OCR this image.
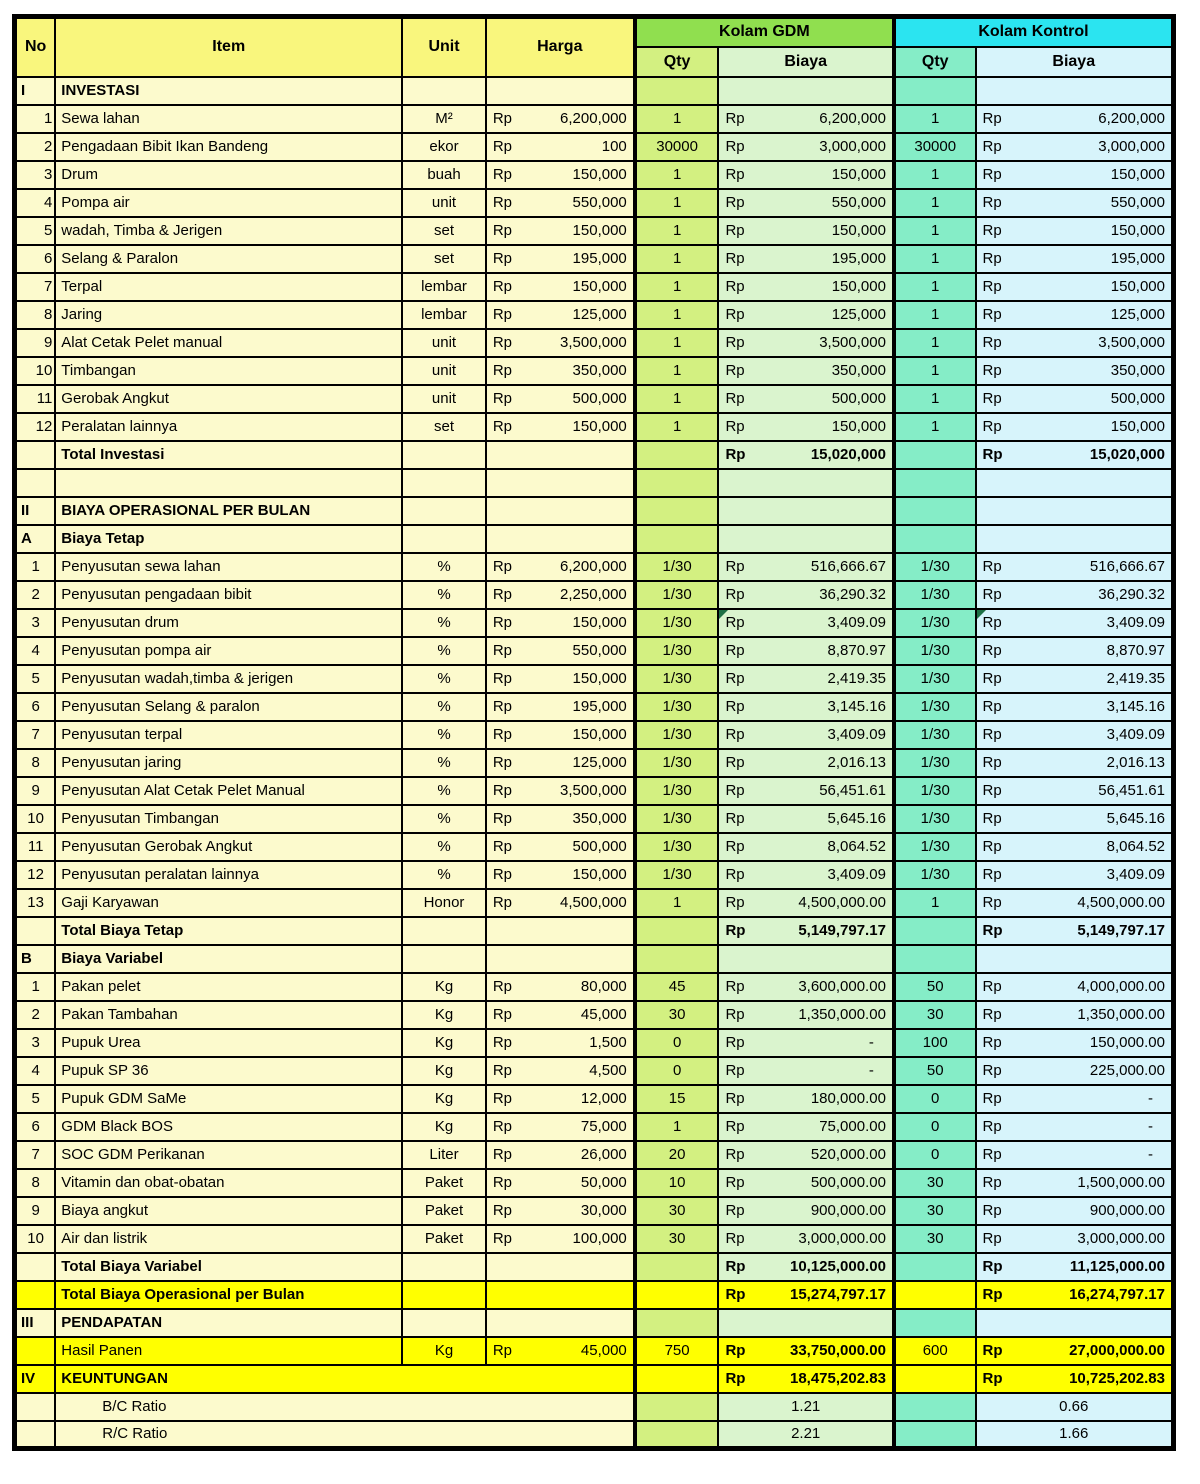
No	Item	Unit	Harga	Kolam GDM		Kolam Kontrol	
				Qty	Biaya	Qty	Biaya
I	INVESTASI						
1	Sewa lahan	M²	Rp 6,200,000	1	Rp 6,200,000	1	Rp 6,200,000

2	Pengadaan Bibit Ikan Bandeng	ekor	Rp 100	30000	Rp 3,000,000	30000	Rp 3,000,000

3	Drum	buah	Rp 150,000	1	Rp 150,000	1	Rp 150,000

4	Pompa air	unit	Rp 550,000	1	Rp 550,000	1	Rp 550,000

5	wadah, Timba & Jerigen	set	Rp 150,000	1	Rp 150,000	1	Rp 150,000

6	Selang & Paralon	set	Rp 195,000	1	Rp 195,000	1	Rp 195,000

7	Terpal	lembar	Rp 150,000	1	Rp 150,000	1	Rp 150,000

8	Jaring	lembar	Rp 125,000	1	Rp 125,000	1	Rp 125,000

9	Alat Cetak Pelet manual	unit	Rp 3,500,000	1	Rp 3,500,000	1	Rp 3,500,000

10	Timbangan	unit	Rp 350,000	1	Rp 350,000	1	Rp 350,000

11	Gerobak Angkut	unit	Rp 500,000	1	Rp 500,000	1	Rp 500,000

12	Peralatan lainnya	set	Rp 150,000	1	Rp 150,000	1	Rp 150,000

	Total Investasi				Rp 15,020,000		Rp 15,020,000

II	BIAYA OPERASIONAL PER BULAN						
A	Biaya Tetap						
1	Penyusutan sewa lahan	%	Rp 6,200,000	1/30	Rp 516,666.67	1/30	Rp 516,666.67

2	Penyusutan pengadaan bibit	%	Rp 2,250,000	1/30	Rp 36,290.32	1/30	Rp 36,290.32

3	Penyusutan drum	%	Rp 150,000	1/30	Rp 3,409.09	1/30	Rp 3,409.09

4	Penyusutan pompa air	%	Rp 550,000	1/30	Rp 8,870.97	1/30	Rp 8,870.97

5	Penyusutan wadah,timba & jerigen	%	Rp 150,000	1/30	Rp 2,419.35	1/30	Rp 2,419.35

6	Penyusutan Selang & paralon	%	Rp 195,000	1/30	Rp 3,145.16	1/30	Rp 3,145.16

7	Penyusutan terpal	%	Rp 150,000	1/30	Rp 3,409.09	1/30	Rp 3,409.09

8	Penyusutan jaring	%	Rp 125,000	1/30	Rp 2,016.13	1/30	Rp 2,016.13

9	Penyusutan Alat Cetak Pelet Manual	%	Rp 3,500,000	1/30	Rp 56,451.61	1/30	Rp 56,451.61

10	Penyusutan Timbangan	%	Rp 350,000	1/30	Rp 5,645.16	1/30	Rp 5,645.16

11	Penyusutan Gerobak Angkut	%	Rp 500,000	1/30	Rp 8,064.52	1/30	Rp 8,064.52

12	Penyusutan peralatan lainnya	%	Rp 150,000	1/30	Rp 3,409.09	1/30	Rp 3,409.09

13	Gaji Karyawan	Honor	Rp 4,500,000	1	Rp 4,500,000.00	1	Rp 4,500,000.00

	Total Biaya Tetap				Rp 5,149,797.17		Rp 5,149,797.17

B	Biaya Variabel						
1	Pakan pelet	Kg	Rp 80,000	45	Rp 3,600,000.00	50	Rp 4,000,000.00

2	Pakan Tambahan	Kg	Rp 45,000	30	Rp 1,350,000.00	30	Rp 1,350,000.00

3	Pupuk Urea	Kg	Rp 1,500	0	Rp -	100	Rp 150,000.00

4	Pupuk SP 36	Kg	Rp 4,500	0	Rp -	50	Rp 225,000.00

5	Pupuk GDM SaMe	Kg	Rp 12,000	15	Rp 180,000.00	0	Rp -

6	GDM Black BOS	Kg	Rp 75,000	1	Rp 75,000.00	0	Rp -

7	SOC GDM Perikanan	Liter	Rp 26,000	20	Rp 520,000.00	0	Rp -

8	Vitamin dan obat-obatan	Paket	Rp 50,000	10	Rp 500,000.00	30	Rp 1,500,000.00

9	Biaya angkut	Paket	Rp 30,000	30	Rp 900,000.00	30	Rp 900,000.00

10	Air dan listrik	Paket	Rp 100,000	30	Rp 3,000,000.00	30	Rp 3,000,000.00

	Total Biaya Variabel				Rp 10,125,000.00		Rp 11,125,000.00

	Total Biaya Operasional per Bulan				Rp 15,274,797.17		Rp 16,274,797.17

III	PENDAPATAN						
	Hasil Panen	Kg	Rp 45,000	750	Rp 33,750,000.00	600	Rp 27,000,000.00

IV	KEUNTUNGAN				Rp 18,475,202.83		Rp 10,725,202.83

	B/C Ratio				1.21		0.66

	R/C Ratio				2.21		1.66
